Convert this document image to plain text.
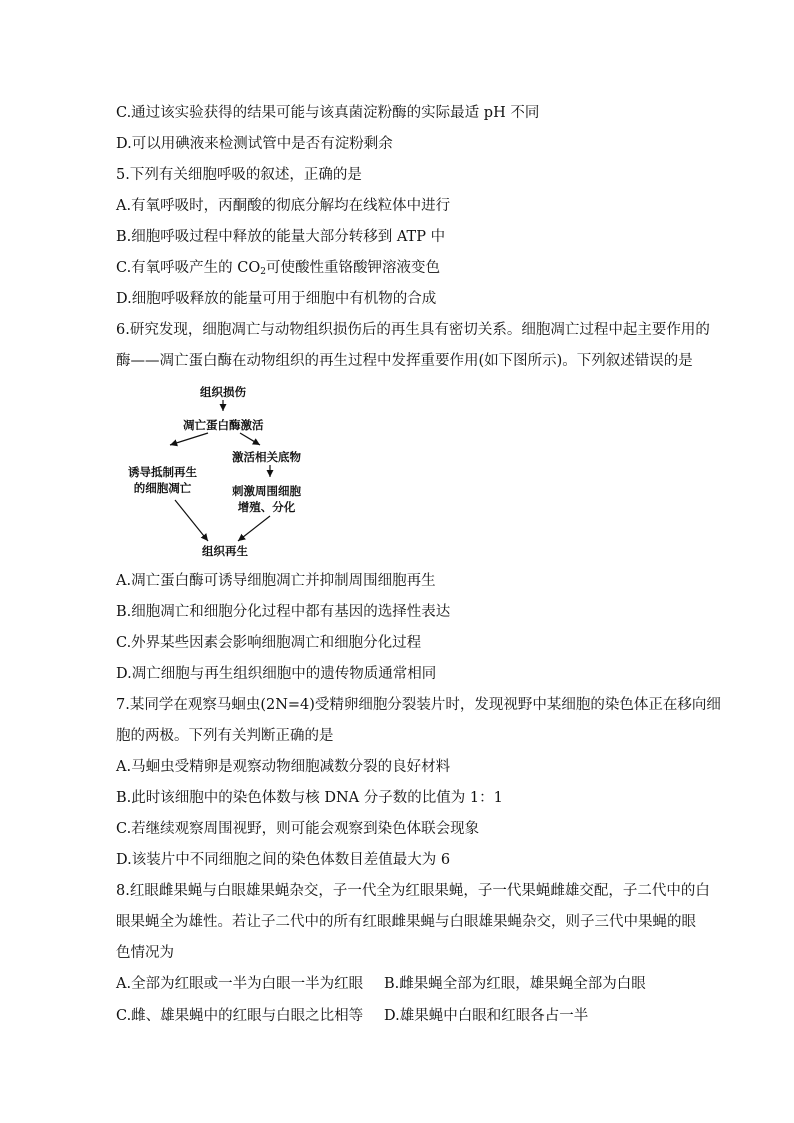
C.通过该实验获得的结果可能与该真菌淀粉酶的实际最适 pH 不同
D.可以用碘液来检测试管中是否有淀粉剩余
5.下列有关细胞呼吸的叙述，正确的是
A.有氧呼吸时，丙酮酸的彻底分解均在线粒体中进行
B.细胞呼吸过程中释放的能量大部分转移到 ATP 中
C.有氧呼吸产生的 $CO_2$可使酸性重铬酸钾溶液变色
D.细胞呼吸释放的能量可用于细胞中有机物的合成
6.研究发现，细胞凋亡与动物组织损伤后的再生具有密切关系。细胞凋亡过程中起主要作用的
酶——凋亡蛋白酶在动物组织的再生过程中发挥重要作用(如下图所示)。下列叙述错误的是
组织损伤
凋亡蛋白酶激活
激活相关底物
诱导抵制再生
的细胞凋亡	刺激周围细胞
增殖、分化
组织再生
A.凋亡蛋白酶可诱导细胞凋亡并抑制周围细胞再生
B.细胞凋亡和细胞分化过程中都有基因的选择性表达
C.外界某些因素会影响细胞凋亡和细胞分化过程
D.凋亡细胞与再生组织细胞中的遗传物质通常相同
7.某同学在观察马蛔虫(2N=4)受精卵细胞分裂装片时，发现视野中某细胞的染色体正在移向细
胞的两极。下列有关判断正确的是
A.马蛔虫受精卵是观察动物细胞减数分裂的良好材料
B.此时该细胞中的染色体数与核 DNA 分子数的比值为 1：1
C.若继续观察周围视野，则可能会观察到染色体联会现象
D.该装片中不同细胞之间的染色体数目差值最大为 6
8.红眼雌果蝇与白眼雄果蝇杂交，子一代全为红眼果蝇，子一代果蝇雌雄交配，子二代中的白
眼果蝇全为雄性。若让子二代中的所有红眼雌果蝇与白眼雄果蝇杂交，则子三代中果蝇的眼
色情况为
A.全部为红眼或一半为白眼一半为红眼 B.雌果蝇全部为红眼，雄果蝇全部为白眼
C.雌、雄果蝇中的红眼与白眼之比相等 D.雄果蝇中白眼和红眼各占一半
